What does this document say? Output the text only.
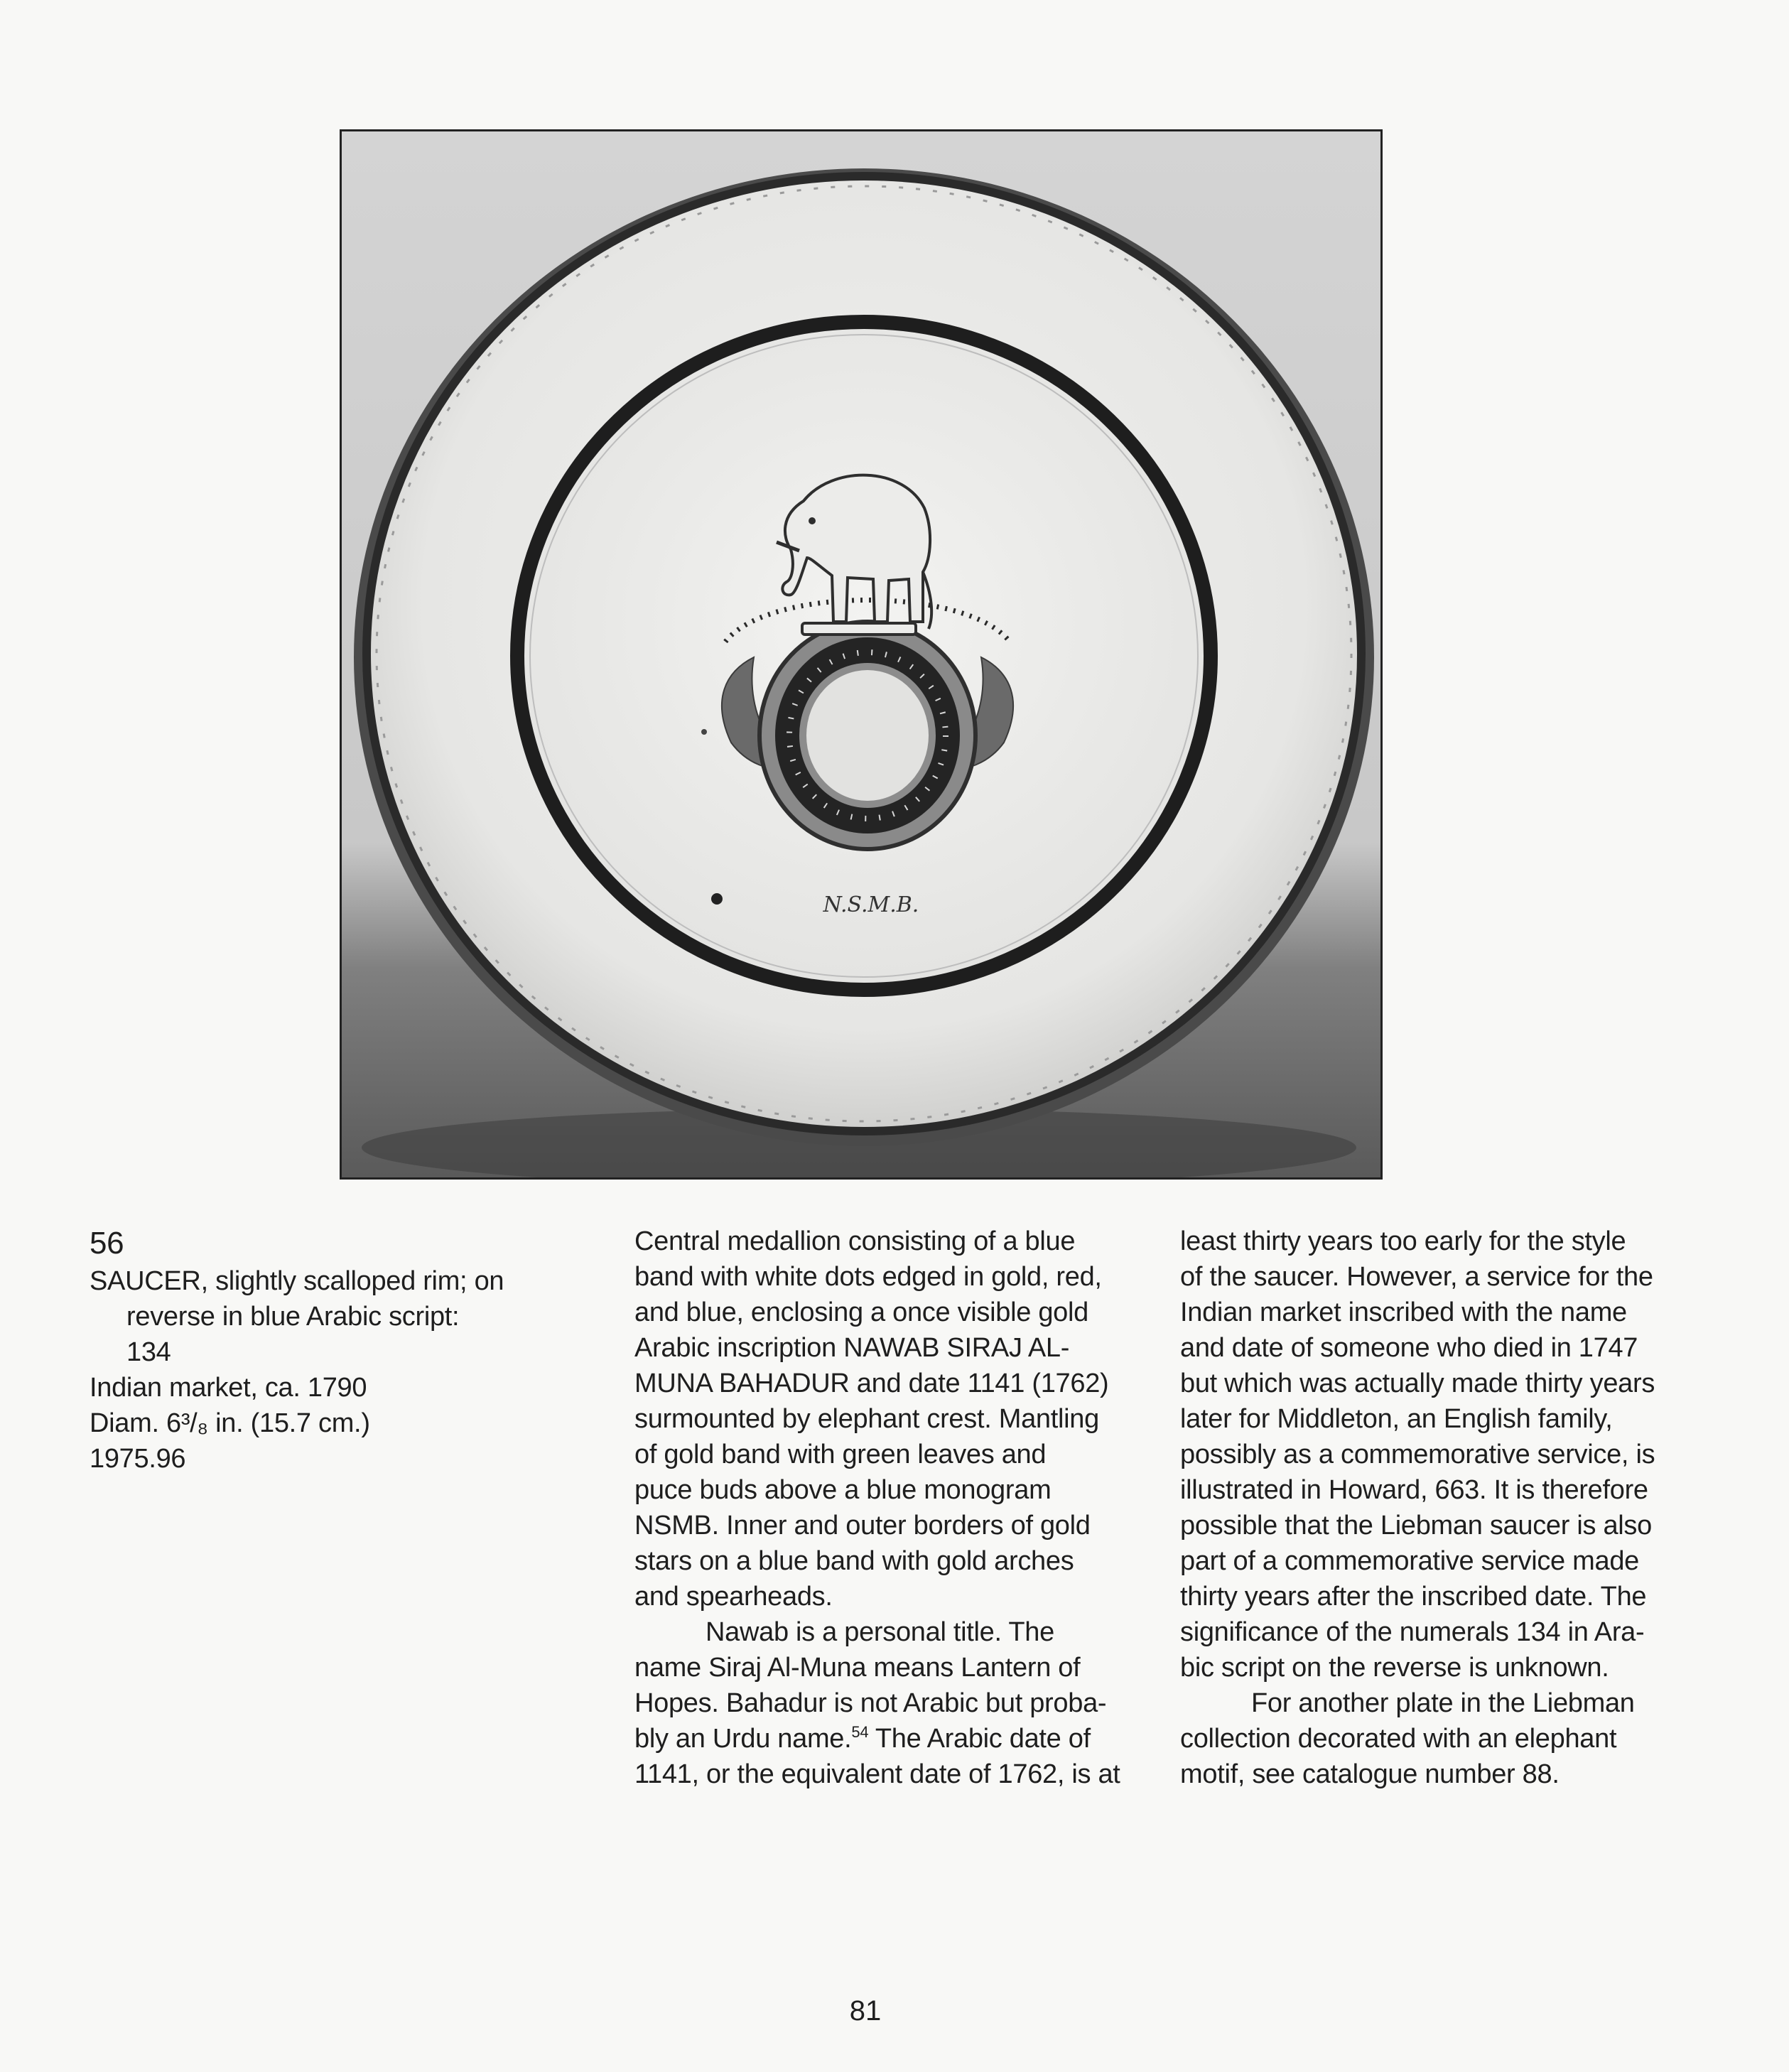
N.S.M.B.

56

SAUCER, slightly scalloped rim; on

reverse in blue Arabic script:

134

Indian market, ca. 1790

Diam. 6³/₈ in. (15.7 cm.)

1975.96

Central medallion consisting of a blue

band with white dots edged in gold, red,

and blue, enclosing a once visible gold

Arabic inscription NAWAB SIRAJ AL-

MUNA BAHADUR and date 1141 (1762)

surmounted by elephant crest. Mantling

of gold band with green leaves and

puce buds above a blue monogram

NSMB. Inner and outer borders of gold

stars on a blue band with gold arches

and spearheads.

Nawab is a personal title. The

name Siraj Al-Muna means Lantern of

Hopes. Bahadur is not Arabic but proba-

bly an Urdu name.$^{54}$ The Arabic date of

1141, or the equivalent date of 1762, is at

least thirty years too early for the style

of the saucer. However, a service for the

Indian market inscribed with the name

and date of someone who died in 1747

but which was actually made thirty years

later for Middleton, an English family,

possibly as a commemorative service, is

illustrated in Howard, 663. It is therefore

possible that the Liebman saucer is also

part of a commemorative service made

thirty years after the inscribed date. The

significance of the numerals 134 in Ara-

bic script on the reverse is unknown.

For another plate in the Liebman

collection decorated with an elephant

motif, see catalogue number 88.

81
